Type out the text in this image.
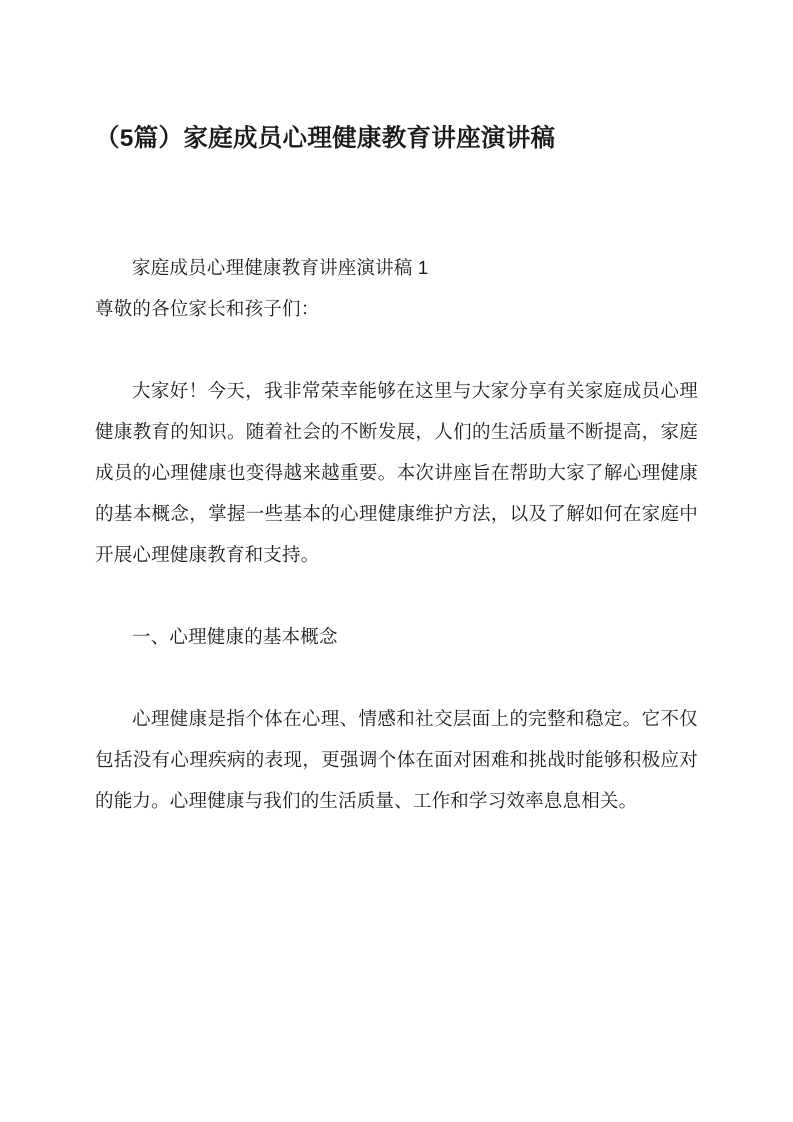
（5篇）家庭成员心理健康教育讲座演讲稿

家庭成员心理健康教育讲座演讲稿 1

尊敬的各位家长和孩子们：

大家好！今天，我非常荣幸能够在这里与大家分享有关家庭成员心理健康教育的知识。随着社会的不断发展，人们的生活质量不断提高，家庭成员的心理健康也变得越来越重要。本次讲座旨在帮助大家了解心理健康的基本概念，掌握一些基本的心理健康维护方法，以及了解如何在家庭中开展心理健康教育和支持。

一、心理健康的基本概念

心理健康是指个体在心理、情感和社交层面上的完整和稳定。它不仅包括没有心理疾病的表现，更强调个体在面对困难和挑战时能够积极应对的能力。心理健康与我们的生活质量、工作和学习效率息息相关。
